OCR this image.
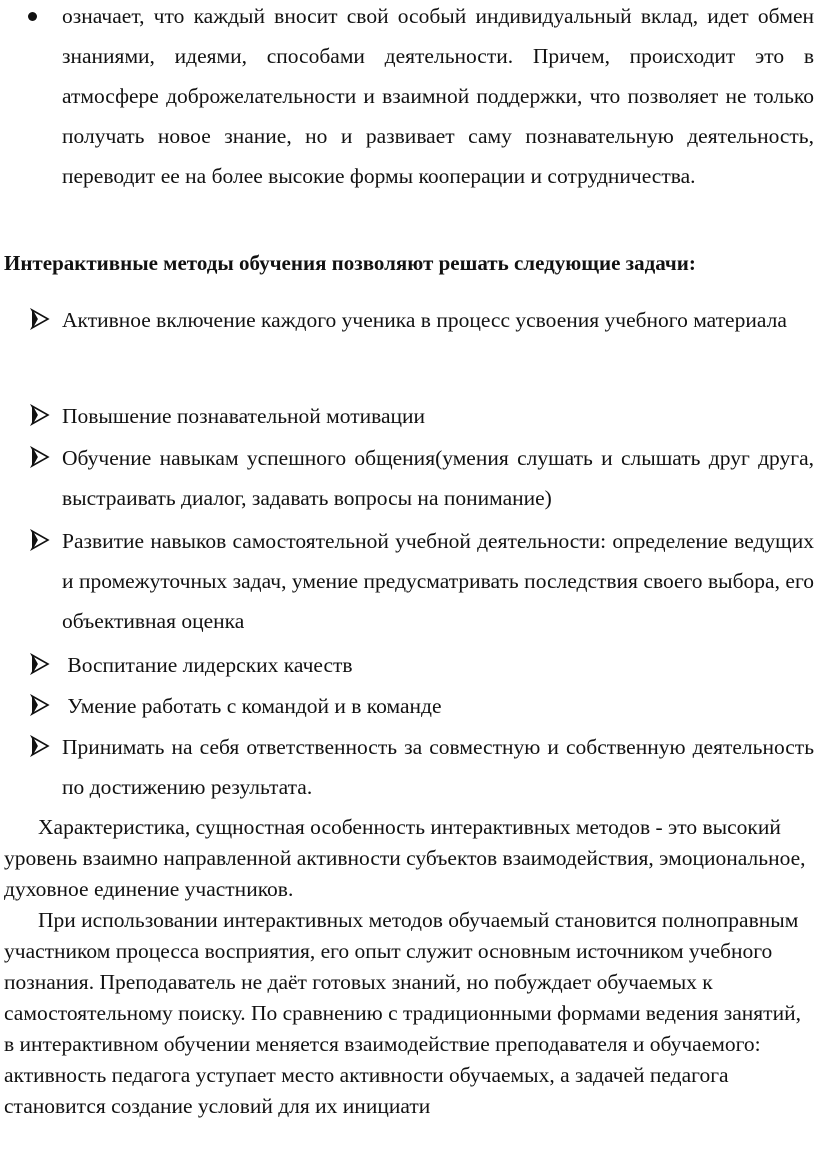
означает, что каждый вносит свой особый индивидуальный вклад, идет обмен знаниями, идеями, способами деятельности. Причем, происходит это в атмосфере доброжелательности и взаимной поддержки, что позволяет не только получать новое знание, но и развивает саму познавательную деятельность, переводит ее на более высокие формы кооперации и сотрудничества.
Интерактивные методы обучения позволяют решать следующие задачи:
Активное включение каждого ученика в процесс усвоения учебного материала
Повышение познавательной мотивации
Обучение навыкам успешного общения(умения слушать и слышать друг друга, выстраивать диалог, задавать вопросы на понимание)
Развитие навыков самостоятельной учебной деятельности: определение ведущих и промежуточных задач, умение предусматривать последствия своего выбора, его объективная оценка
Воспитание лидерских качеств
Умение работать с командой и в команде
Принимать на себя ответственность за совместную и собственную деятельность по достижению результата.
Характеристика, сущностная особенность интерактивных методов - это высокий уровень взаимно направленной активности субъектов взаимодействия, эмоциональное, духовное единение участников.
При использовании интерактивных методов обучаемый становится полноправным участником процесса восприятия, его опыт служит основным источником учебного познания. Преподаватель не даёт готовых знаний, но побуждает обучаемых к самостоятельному поиску. По сравнению с традиционными формами ведения занятий, в интерактивном обучении меняется взаимодействие преподавателя и обучаемого: активность педагога уступает место активности обучаемых, а задачей педагога становится создание условий для их инициати
